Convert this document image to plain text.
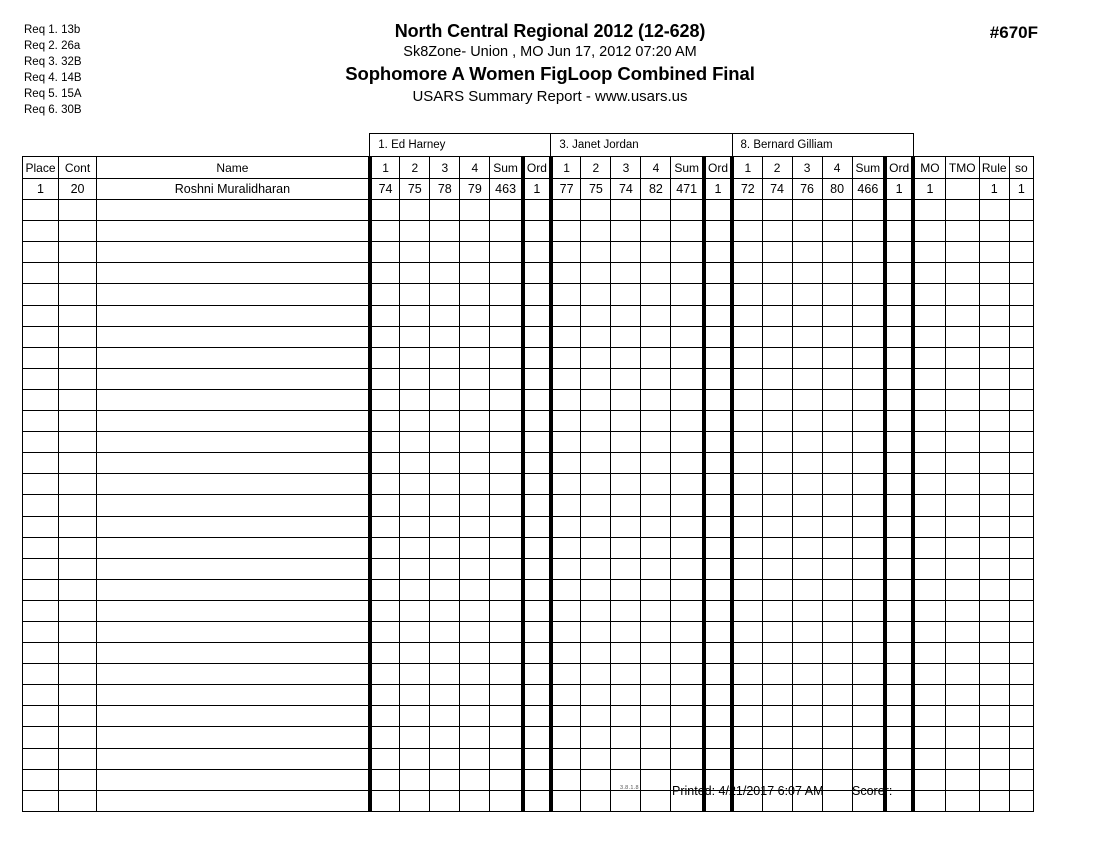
Req 1. 13b
Req 2. 26a
Req 3. 32B
Req 4. 14B
Req 5. 15A
Req 6. 30B
North Central Regional 2012 (12-628)
Sk8Zone- Union , MO Jun 17, 2012 07:20 AM
Sophomore A Women FigLoop Combined Final
USARS Summary Report - www.usars.us
#670F
			1. Ed Harney						3. Janet Jordan						8. Bernard Gilliam									
Place	Cont	Name	1	2	3	4	Sum	Ord	1	2	3	4	Sum	Ord	1	2	3	4	Sum	Ord	MO	TMO	Rule	so
1	20	Roshni Muralidharan	74	75	78	79	463	1	77	75	74	82	471	1	72	74	76	80	466	1	1		1	1

3.8.1.8	Printed: 4/21/2017 6:07 AM Scorer:
